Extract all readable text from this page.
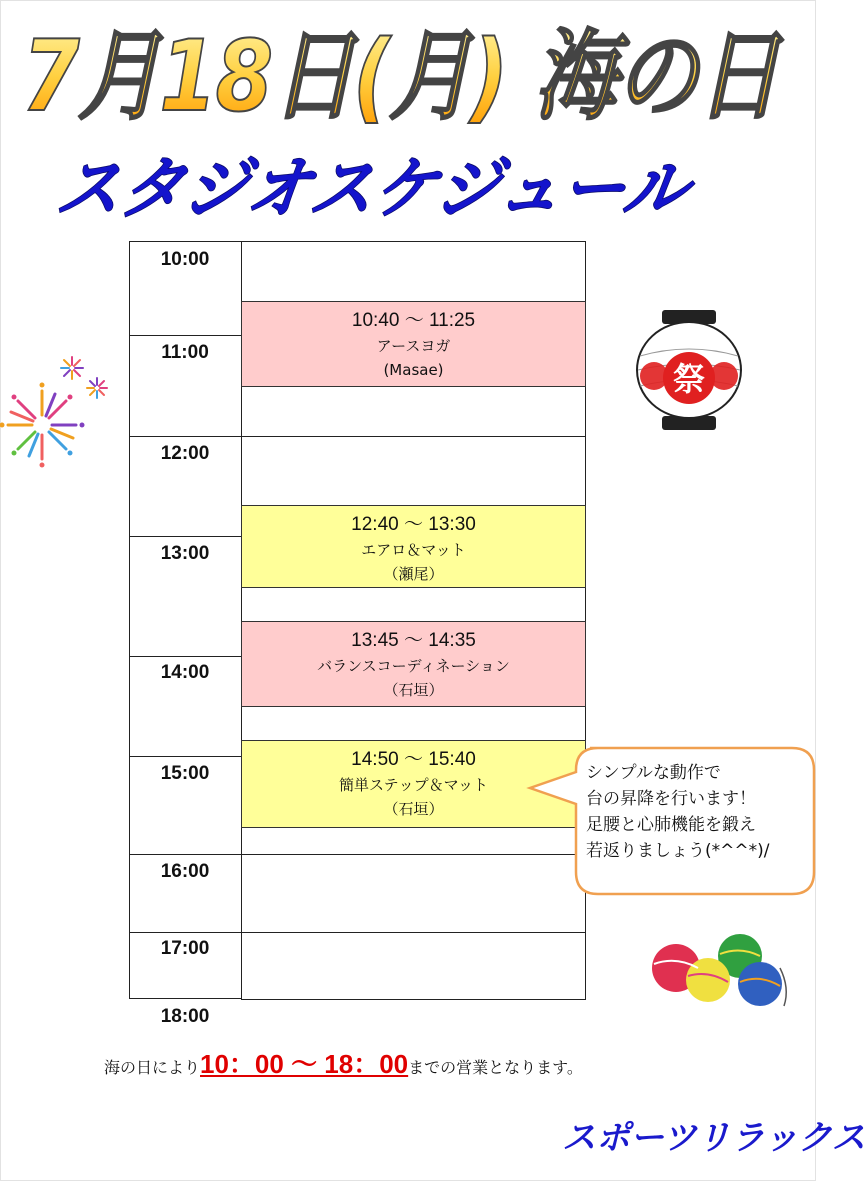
7月18日(月) 海の日
スタジオスケジュール
10:00
11:00
12:00
13:00
14:00
15:00
16:00
17:00
10:40 ～ 11:25
アースヨガ
(Masae)
12:40 ～ 13:30
エアロ＆マット
（瀬尾）
13:45 ～ 14:35
バランスコーディネーション
（石垣）
14:50 ～ 15:40
簡単ステップ＆マット
（石垣）
18:00
シンプルな動作で
台の昇降を行います！
足腰と心肺機能を鍛え
若返りましょう(*^^*)/
海の日により10：00 ～ 18：00までの営業となります。
スポーツリラックス
祭
